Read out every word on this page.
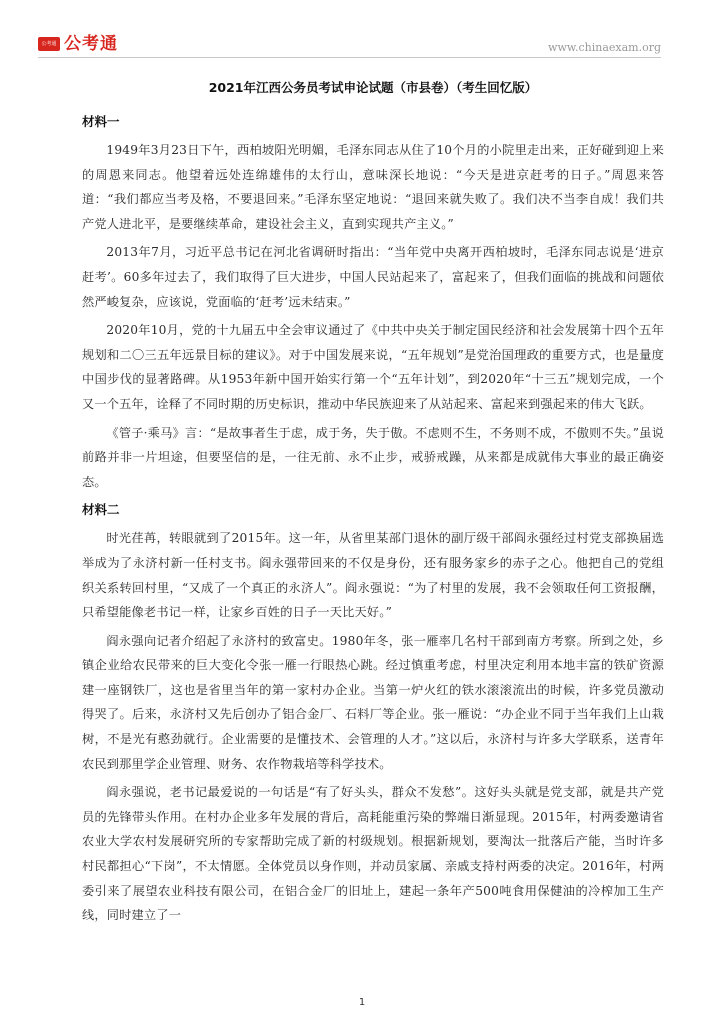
公考通 公考通	www.chinaexam.org
2021年江西公务员考试申论试题（市县卷）（考生回忆版）
材料一

1949年3月23日下午，西柏坡阳光明媚，毛泽东同志从住了10个月的小院里走出来，正好碰到迎上来的周恩来同志。他望着远处连绵雄伟的太行山，意味深长地说：“今天是进京赶考的日子。”周恩来答道：“我们都应当考及格，不要退回来。”毛泽东坚定地说：“退回来就失败了。我们决不当李自成！我们共产党人进北平，是要继续革命，建设社会主义，直到实现共产主义。”

2013年7月，习近平总书记在河北省调研时指出：“当年党中央离开西柏坡时，毛泽东同志说是‘进京赶考’。60多年过去了，我们取得了巨大进步，中国人民站起来了，富起来了，但我们面临的挑战和问题依然严峻复杂，应该说，党面临的‘赶考’远未结束。”

2020年10月，党的十九届五中全会审议通过了《中共中央关于制定国民经济和社会发展第十四个五年规划和二〇三五年远景目标的建议》。对于中国发展来说，“五年规划”是党治国理政的重要方式，也是量度中国步伐的显著路碑。从1953年新中国开始实行第一个“五年计划”，到2020年“十三五”规划完成，一个又一个五年，诠释了不同时期的历史标识，推动中华民族迎来了从站起来、富起来到强起来的伟大飞跃。

《管子·乘马》言：“是故事者生于虑，成于务，失于傲。不虑则不生，不务则不成，不傲则不失。”虽说前路并非一片坦途，但要坚信的是，一往无前、永不止步，戒骄戒躁，从来都是成就伟大事业的最正确姿态。

材料二

时光荏苒，转眼就到了2015年。这一年，从省里某部门退休的副厅级干部阎永强经过村党支部换届选举成为了永济村新一任村支书。阎永强带回来的不仅是身份，还有服务家乡的赤子之心。他把自己的党组织关系转回村里，“又成了一个真正的永济人”。阎永强说：“为了村里的发展，我不会领取任何工资报酬，只希望能像老书记一样，让家乡百姓的日子一天比天好。”

阎永强向记者介绍起了永济村的致富史。1980年冬，张一雁率几名村干部到南方考察。所到之处，乡镇企业给农民带来的巨大变化令张一雁一行眼热心跳。经过慎重考虑，村里决定利用本地丰富的铁矿资源建一座钢铁厂，这也是省里当年的第一家村办企业。当第一炉火红的铁水滚滚流出的时候，许多党员激动得哭了。后来，永济村又先后创办了铝合金厂、石料厂等企业。张一雁说：“办企业不同于当年我们上山栽树，不是光有憨劲就行。企业需要的是懂技术、会管理的人才。”这以后，永济村与许多大学联系，送青年农民到那里学企业管理、财务、农作物栽培等科学技术。

阎永强说，老书记最爱说的一句话是“有了好头头，群众不发愁”。这好头头就是党支部，就是共产党员的先锋带头作用。在村办企业多年发展的背后，高耗能重污染的弊端日渐显现。2015年，村两委邀请省农业大学农村发展研究所的专家帮助完成了新的村级规划。根据新规划，要淘汰一批落后产能，当时许多村民都担心“下岗”，不太情愿。全体党员以身作则，并动员家属、亲戚支持村两委的决定。2016年，村两委引来了展望农业科技有限公司，在铝合金厂的旧址上，建起一条年产500吨食用保健油的冷榨加工生产线，同时建立了一

1
